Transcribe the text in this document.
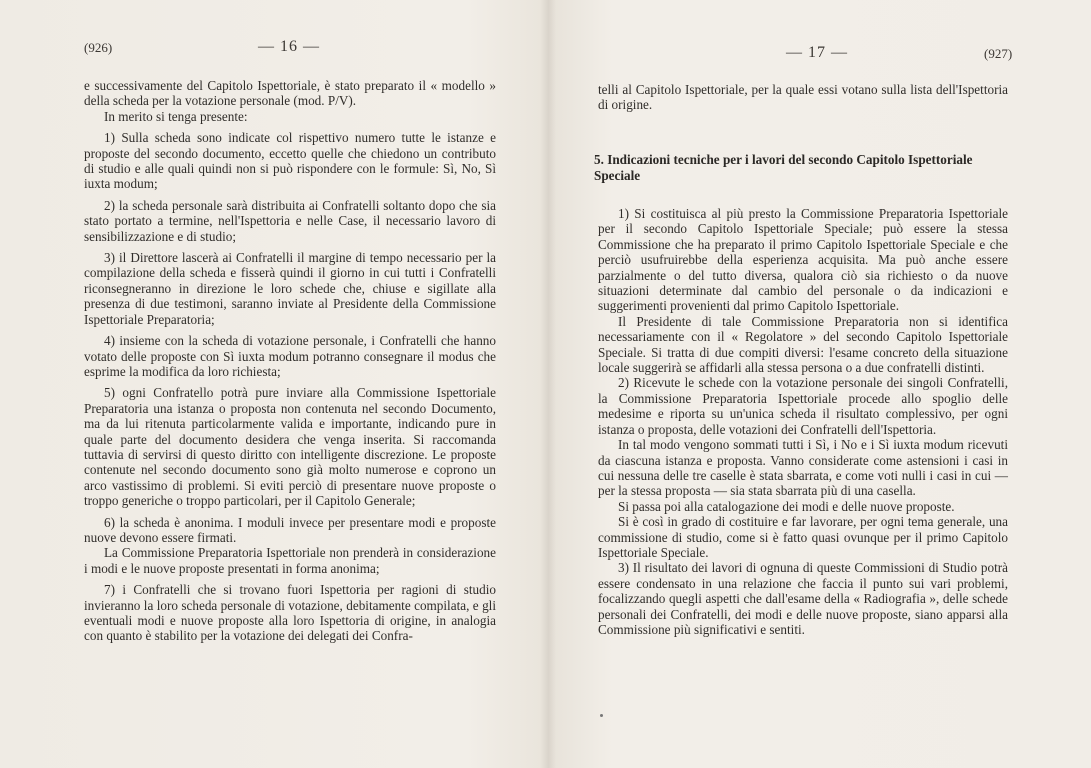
(926)	— 16 —

e successivamente del Capitolo Ispettoriale, è stato preparato il « modello » della scheda per la votazione personale (mod. P/V).

In merito si tenga presente:

1) Sulla scheda sono indicate col rispettivo numero tutte le istanze e proposte del secondo documento, eccetto quelle che chiedono un contributo di studio e alle quali quindi non si può rispondere con le formule: Sì, No, Sì iuxta modum;

2) la scheda personale sarà distribuita ai Confratelli soltanto dopo che sia stato portato a termine, nell'Ispettoria e nelle Case, il necessario lavoro di sensibilizzazione e di studio;

3) il Direttore lascerà ai Confratelli il margine di tempo necessario per la compilazione della scheda e fisserà quindi il giorno in cui tutti i Confratelli riconsegneranno in direzione le loro schede che, chiuse e sigillate alla presenza di due testimoni, saranno inviate al Presidente della Commissione Ispettoriale Preparatoria;

4) insieme con la scheda di votazione personale, i Confratelli che hanno votato delle proposte con Sì iuxta modum potranno consegnare il modus che esprime la modifica da loro richiesta;

5) ogni Confratello potrà pure inviare alla Commissione Ispettoriale Preparatoria una istanza o proposta non contenuta nel secondo Documento, ma da lui ritenuta particolarmente valida e importante, indicando pure in quale parte del documento desidera che venga inserita. Si raccomanda tuttavia di servirsi di questo diritto con intelligente discrezione. Le proposte contenute nel secondo documento sono già molto numerose e coprono un arco vastissimo di problemi. Si eviti perciò di presentare nuove proposte o troppo generiche o troppo particolari, per il Capitolo Generale;

6) la scheda è anonima. I moduli invece per presentare modi e proposte nuove devono essere firmati.

La Commissione Preparatoria Ispettoriale non prenderà in considerazione i modi e le nuove proposte presentati in forma anonima;

7) i Confratelli che si trovano fuori Ispettoria per ragioni di studio invieranno la loro scheda personale di votazione, debitamente compilata, e gli eventuali modi e nuove proposte alla loro Ispettoria di origine, in analogia con quanto è stabilito per la votazione dei delegati dei Confra-

— 17 —	(927)

telli al Capitolo Ispettoriale, per la quale essi votano sulla lista dell'Ispettoria di origine.

5. Indicazioni tecniche per i lavori del secondo Capitolo Ispettoriale Speciale

1) Si costituisca al più presto la Commissione Preparatoria Ispettoriale per il secondo Capitolo Ispettoriale Speciale; può essere la stessa Commissione che ha preparato il primo Capitolo Ispettoriale Speciale e che perciò usufruirebbe della esperienza acquisita. Ma può anche essere parzialmente o del tutto diversa, qualora ciò sia richiesto o da nuove situazioni determinate dal cambio del personale o da indicazioni e suggerimenti provenienti dal primo Capitolo Ispettoriale.

Il Presidente di tale Commissione Preparatoria non si identifica necessariamente con il « Regolatore » del secondo Capitolo Ispettoriale Speciale. Si tratta di due compiti diversi: l'esame concreto della situazione locale suggerirà se affidarli alla stessa persona o a due confratelli distinti.

2) Ricevute le schede con la votazione personale dei singoli Confratelli, la Commissione Preparatoria Ispettoriale procede allo spoglio delle medesime e riporta su un'unica scheda il risultato complessivo, per ogni istanza o proposta, delle votazioni dei Confratelli dell'Ispettoria.

In tal modo vengono sommati tutti i Sì, i No e i Sì iuxta modum ricevuti da ciascuna istanza e proposta. Vanno considerate come astensioni i casi in cui nessuna delle tre caselle è stata sbarrata, e come voti nulli i casi in cui — per la stessa proposta — sia stata sbarrata più di una casella.

Si passa poi alla catalogazione dei modi e delle nuove proposte.

Si è così in grado di costituire e far lavorare, per ogni tema generale, una commissione di studio, come si è fatto quasi ovunque per il primo Capitolo Ispettoriale Speciale.

3) Il risultato dei lavori di ognuna di queste Commissioni di Studio potrà essere condensato in una relazione che faccia il punto sui vari problemi, focalizzando quegli aspetti che dall'esame della « Radiografia », delle schede personali dei Confratelli, dei modi e delle nuove proposte, siano apparsi alla Commissione più significativi e sentiti.
